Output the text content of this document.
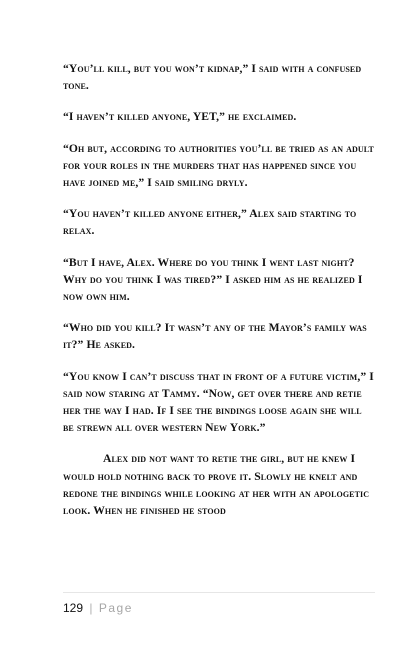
“You’ll kill, but you won’t kidnap,” I said with a confused tone.

“I haven’t killed anyone, YET,” he exclaimed.

“Oh but, according to authorities you’ll be tried as an adult for your roles in the murders that has happened since you have joined me,” I said smiling dryly.

“You haven’t killed anyone either,” Alex said starting to relax.

“But I have, Alex. Where do you think I went last night? Why do you think I was tired?” I asked him as he realized I now own him.

“Who did you kill? It wasn’t any of the Mayor’s family was it?” He asked.

“You know I can’t discuss that in front of a future victim,” I said now staring at Tammy. “Now, get over there and retie her the way I had. If I see the bindings loose again she will be strewn all over western New York.”

Alex did not want to retie the girl, but he knew I would hold nothing back to prove it. Slowly he knelt and redone the bindings while looking at her with an apologetic look. When he finished he stood

129 | Page
